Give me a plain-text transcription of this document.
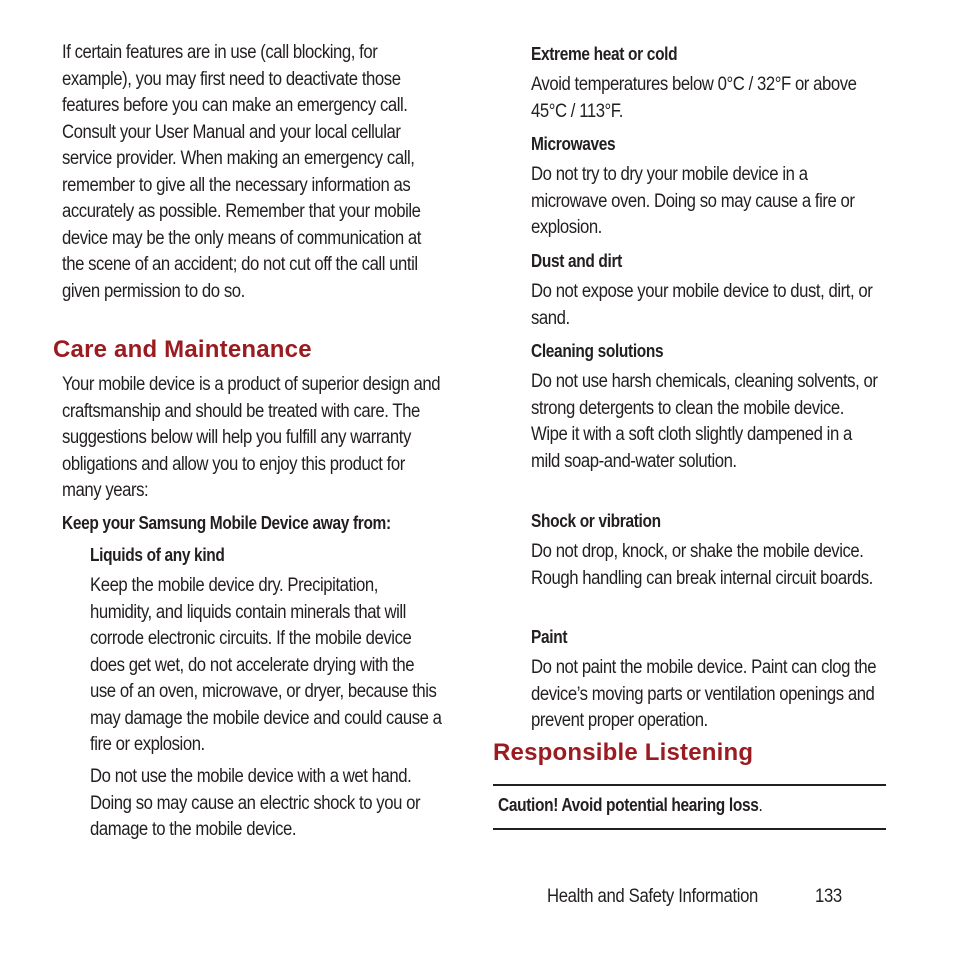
If certain features are in use (call blocking, for example), you may first need to deactivate those features before you can make an emergency call. Consult your User Manual and your local cellular service provider. When making an emergency call, remember to give all the necessary information as accurately as possible. Remember that your mobile device may be the only means of communication at the scene of an accident; do not cut off the call until given permission to do so.
Care and Maintenance
Your mobile device is a product of superior design and craftsmanship and should be treated with care. The suggestions below will help you fulfill any warranty obligations and allow you to enjoy this product for many years:
Keep your Samsung Mobile Device away from:
Liquids of any kind
Keep the mobile device dry. Precipitation, humidity, and liquids contain minerals that will corrode electronic circuits. If the mobile device does get wet, do not accelerate drying with the use of an oven, microwave, or dryer, because this may damage the mobile device and could cause a fire or explosion.
Do not use the mobile device with a wet hand. Doing so may cause an electric shock to you or damage to the mobile device.
Extreme heat or cold
Avoid temperatures below 0°C / 32°F or above 45°C / 113°F.
Microwaves
Do not try to dry your mobile device in a microwave oven. Doing so may cause a fire or explosion.
Dust and dirt
Do not expose your mobile device to dust, dirt, or sand.
Cleaning solutions
Do not use harsh chemicals, cleaning solvents, or strong detergents to clean the mobile device. Wipe it with a soft cloth slightly dampened in a mild soap-and-water solution.
Shock or vibration
Do not drop, knock, or shake the mobile device. Rough handling can break internal circuit boards.
Paint
Do not paint the mobile device. Paint can clog the device’s moving parts or ventilation openings and prevent proper operation.
Responsible Listening
Caution! Avoid potential hearing loss.
Health and Safety Information	133
